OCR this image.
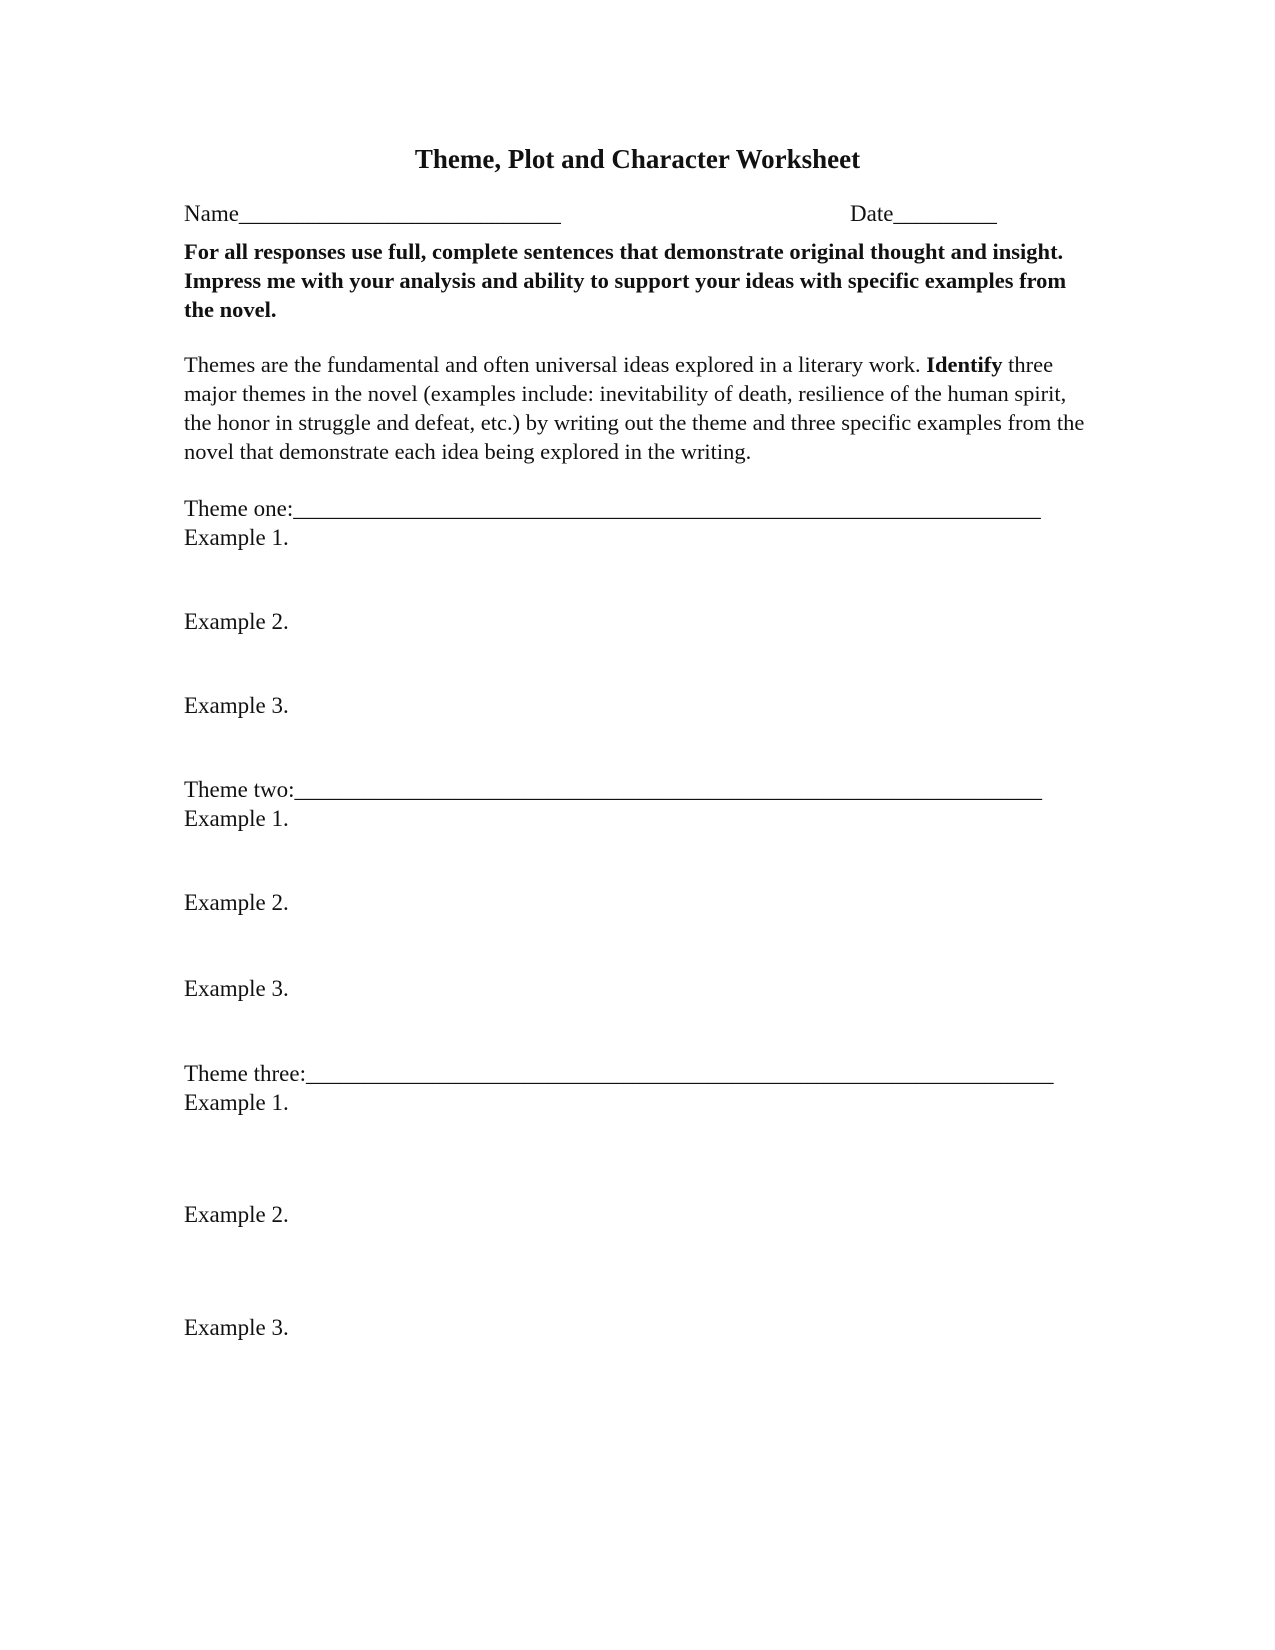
Theme, Plot and Character Worksheet
Name____________________________	Date_________
For all responses use full, complete sentences that demonstrate original thought and insight.
Impress me with your analysis and ability to support your ideas with specific examples from
the novel.
Themes are the fundamental and often universal ideas explored in a literary work. Identify three
major themes in the novel (examples include: inevitability of death, resilience of the human spirit,
the honor in struggle and defeat, etc.) by writing out the theme and three specific examples from the
novel that demonstrate each idea being explored in the writing.
Theme one:_________________________________________________________________
Example 1.
Example 2.
Example 3.
Theme two:_________________________________________________________________
Example 1.
Example 2.
Example 3.
Theme three:_________________________________________________________________
Example 1.
Example 2.
Example 3.
